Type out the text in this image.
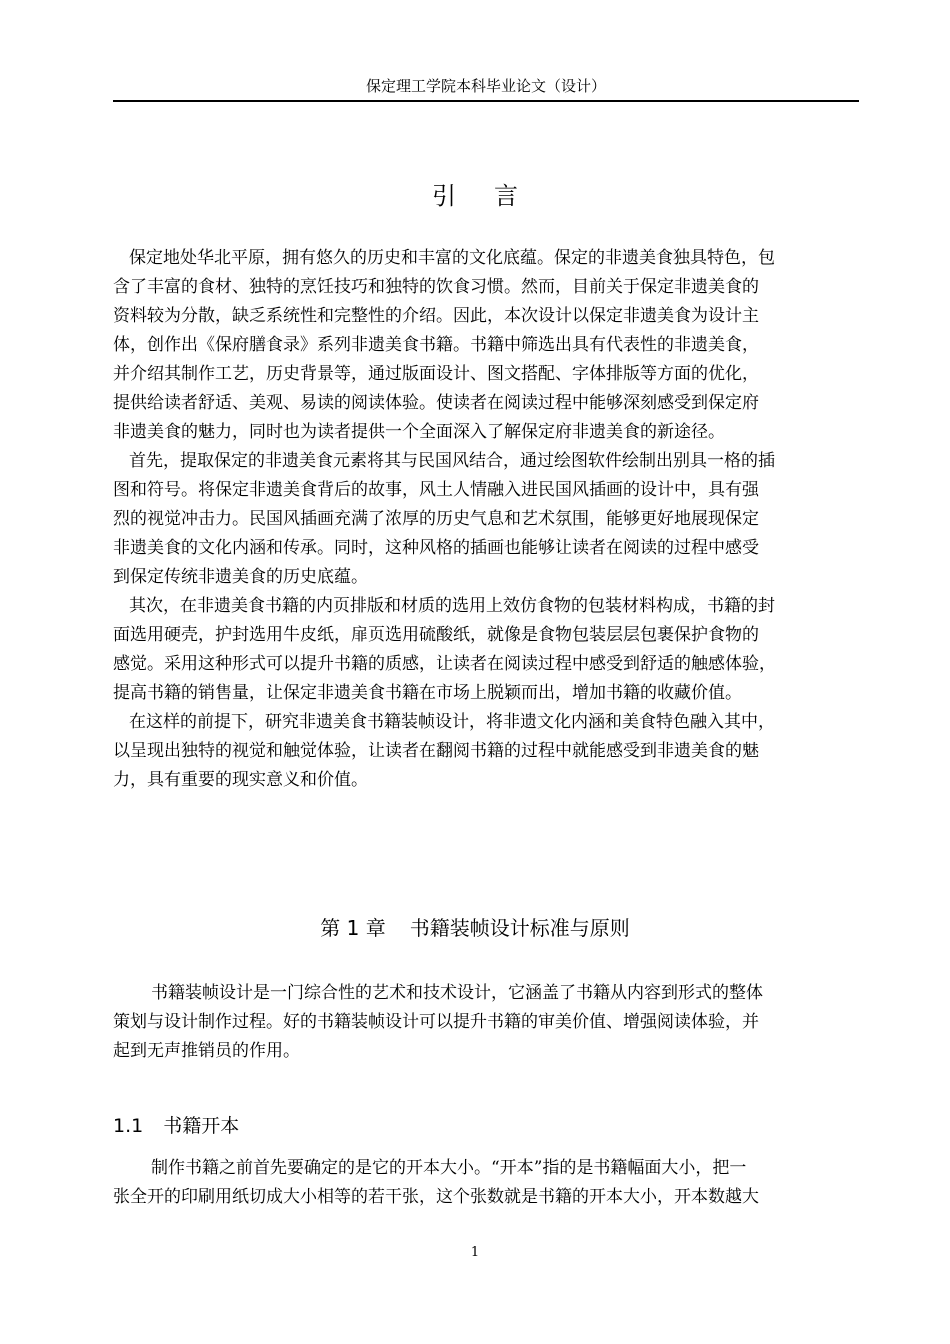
保定理工学院本科毕业论文（设计）
引言

保定地处华北平原，拥有悠久的历史和丰富的文化底蕴。保定的非遗美食独具特色，包

含了丰富的食材、独特的烹饪技巧和独特的饮食习惯。然而，目前关于保定非遗美食的

资料较为分散，缺乏系统性和完整性的介绍。因此，本次设计以保定非遗美食为设计主

体，创作出《保府膳食录》系列非遗美食书籍。书籍中筛选出具有代表性的非遗美食，

并介绍其制作工艺，历史背景等，通过版面设计、图文搭配、字体排版等方面的优化，

提供给读者舒适、美观、易读的阅读体验。使读者在阅读过程中能够深刻感受到保定府

非遗美食的魅力，同时也为读者提供一个全面深入了解保定府非遗美食的新途径。

首先，提取保定的非遗美食元素将其与民国风结合，通过绘图软件绘制出别具一格的插

图和符号。将保定非遗美食背后的故事，风土人情融入进民国风插画的设计中，具有强

烈的视觉冲击力。民国风插画充满了浓厚的历史气息和艺术氛围，能够更好地展现保定

非遗美食的文化内涵和传承。同时，这种风格的插画也能够让读者在阅读的过程中感受

到保定传统非遗美食的历史底蕴。

其次，在非遗美食书籍的内页排版和材质的选用上效仿食物的包装材料构成，书籍的封

面选用硬壳，护封选用牛皮纸，扉页选用硫酸纸，就像是食物包装层层包裹保护食物的

感觉。采用这种形式可以提升书籍的质感，让读者在阅读过程中感受到舒适的触感体验，

提高书籍的销售量，让保定非遗美食书籍在市场上脱颖而出，增加书籍的收藏价值。

在这样的前提下，研究非遗美食书籍装帧设计，将非遗文化内涵和美食特色融入其中，

以呈现出独特的视觉和触觉体验，让读者在翻阅书籍的过程中就能感受到非遗美食的魅

力，具有重要的现实意义和价值。

第 1 章 书籍装帧设计标准与原则

书籍装帧设计是一门综合性的艺术和技术设计，它涵盖了书籍从内容到形式的整体

策划与设计制作过程。好的书籍装帧设计可以提升书籍的审美价值、增强阅读体验，并

起到无声推销员的作用。

1.1 书籍开本

制作书籍之前首先要确定的是它的开本大小。“开本”指的是书籍幅面大小，把一

张全开的印刷用纸切成大小相等的若干张，这个张数就是书籍的开本大小，开本数越大

1
